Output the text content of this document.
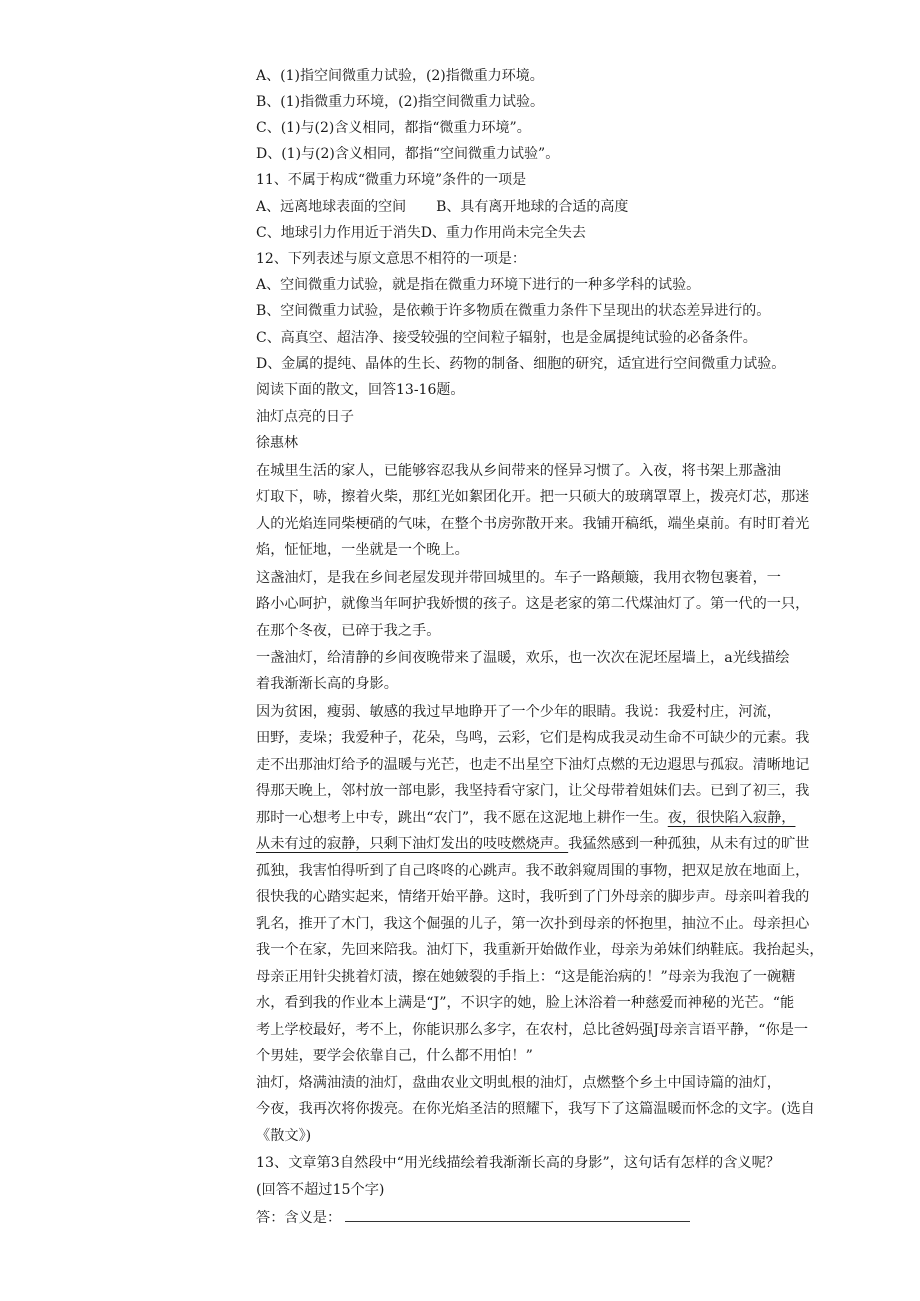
A、(1)指空间微重力试验，(2)指微重力环境。
B、(1)指微重力环境，(2)指空间微重力试验。
C、(1)与(2)含义相同，都指“微重力环境”。
D、(1)与(2)含义相同，都指“空间微重力试验”。
11、不属于构成“微重力环境”条件的一项是
A、远离地球表面的空间 B、具有离开地球的合适的高度
C、地球引力作用近于消失D、重力作用尚未完全失去
12、下列表述与原文意思不相符的一项是：
A、空间微重力试验，就是指在微重力环境下进行的一种多学科的试验。
B、空间微重力试验，是依赖于许多物质在微重力条件下呈现出的状态差异进行的。
C、高真空、超洁净、接受较强的空间粒子辐射，也是金属提纯试验的必备条件。
D、金属的提纯、晶体的生长、药物的制备、细胞的研究，适宜进行空间微重力试验。
阅读下面的散文，回答13-16题。
油灯点亮的日子
徐惠林
在城里生活的家人，已能够容忍我从乡间带来的怪异习惯了。入夜，将书架上那盏油
灯取下，哧，擦着火柴，那红光如絮团化开。把一只硕大的玻璃罩罩上，拨亮灯芯，那迷
人的光焰连同柴梗硝的气味，在整个书房弥散开来。我铺开稿纸，端坐桌前。有时盯着光
焰，怔怔地，一坐就是一个晚上。
这盏油灯，是我在乡间老屋发现并带回城里的。车子一路颠簸，我用衣物包裹着，一
路小心呵护，就像当年呵护我娇惯的孩子。这是老家的第二代煤油灯了。第一代的一只，
在那个冬夜，已碎于我之手。
一盏油灯，给清静的乡间夜晚带来了温暖，欢乐，也一次次在泥坯屋墙上，a光线描绘
着我渐渐长高的身影。
因为贫困，瘦弱、敏感的我过早地睁开了一个少年的眼睛。我说：我爱村庄，河流，
田野，麦垛；我爱种子，花朵，鸟鸣，云彩，它们是构成我灵动生命不可缺少的元素。我
走不出那油灯给予的温暖与光芒，也走不出星空下油灯点燃的无边遐思与孤寂。清晰地记
得那天晚上，邻村放一部电影，我坚持看守家门，让父母带着姐妹们去。已到了初三，我
那时一心想考上中专，跳出“农门”，我不愿在这泥地上耕作一生。夜，很快陷入寂静，
从未有过的寂静，只剩下油灯发出的吱吱燃烧声。我猛然感到一种孤独，从未有过的旷世
孤独，我害怕得听到了自己咚咚的心跳声。我不敢斜窥周围的事物，把双足放在地面上，
很快我的心踏实起来，情绪开始平静。这时，我听到了门外母亲的脚步声。母亲叫着我的
乳名，推开了木门，我这个倔强的儿子，第一次扑到母亲的怀抱里，抽泣不止。母亲担心
我一个在家，先回来陪我。油灯下，我重新开始做作业，母亲为弟妹们纳鞋底。我抬起头，
母亲正用针尖挑着灯渍，擦在她皴裂的手指上：“这是能治病的！”母亲为我泡了一碗糖
水，看到我的作业本上满是“J”，不识字的她，脸上沐浴着一种慈爱而神秘的光芒。“能
考上学校最好，考不上，你能识那么多字，在农村，总比爸妈强J母亲言语平静，“你是一
个男娃，要学会依靠自己，什么都不用怕！”
油灯，烙满油渍的油灯，盘曲农业文明虬根的油灯，点燃整个乡土中国诗篇的油灯，
今夜，我再次将你拨亮。在你光焰圣洁的照耀下，我写下了这篇温暖而怀念的文字。(选自
《散文》)
13、文章第3自然段中“用光线描绘着我渐渐长高的身影”，这句话有怎样的含义呢？
(回答不超过15个字)
答：含义是：
